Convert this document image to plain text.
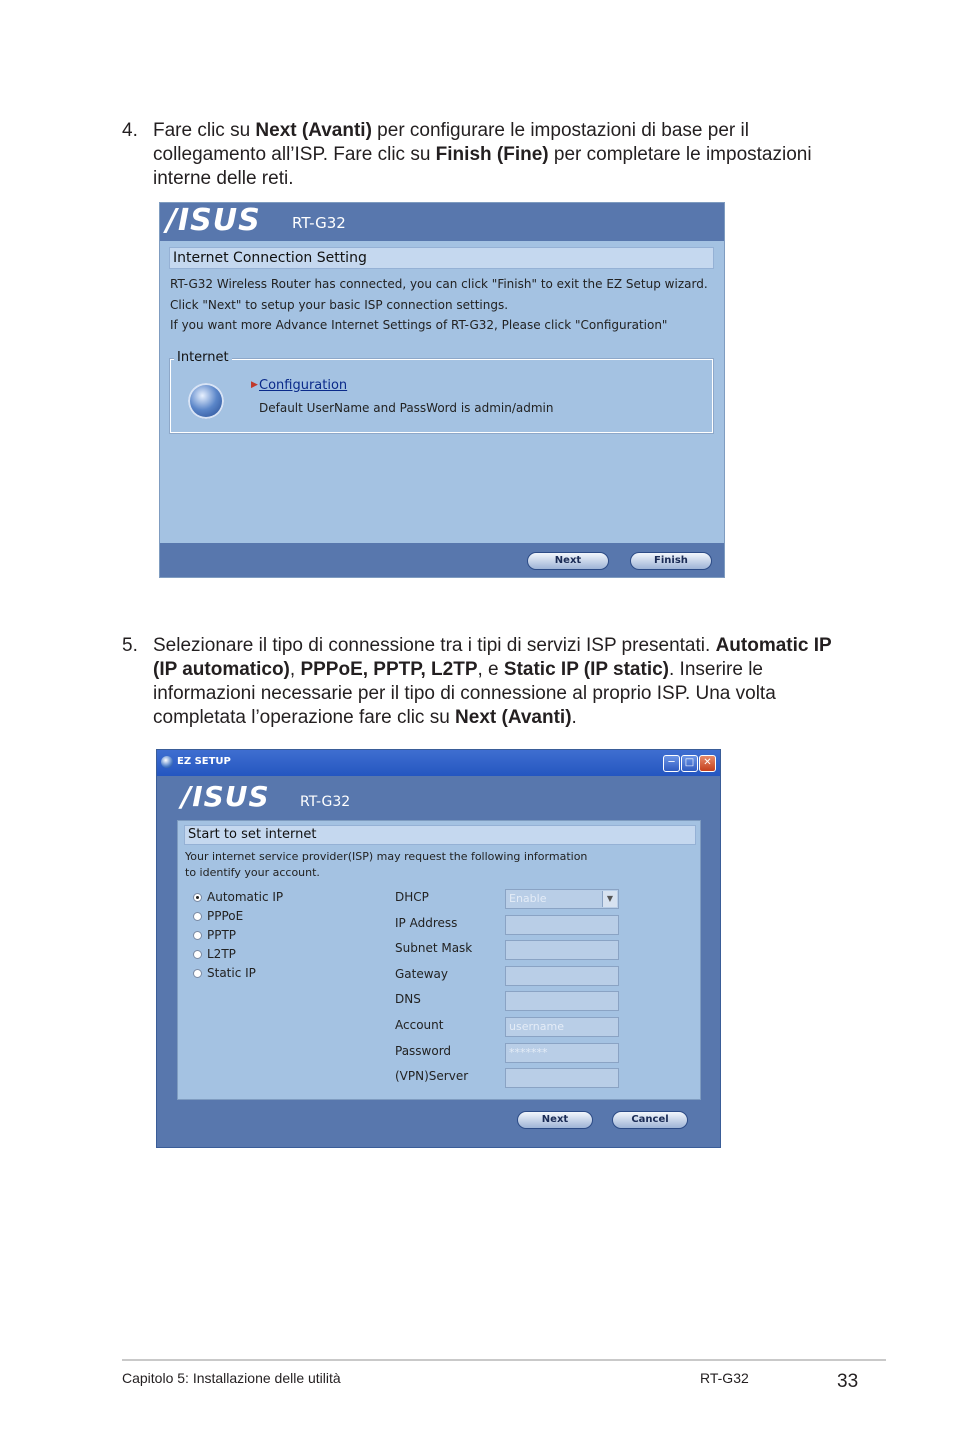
4. Fare clic su Next (Avanti) per configurare le impostazioni di base per il collegamento all’ISP. Fare clic su Finish (Fine) per completare le impostazioni interne delle reti.
/ISUS RT-G32
Internet Connection Setting
RT-G32 Wireless Router has connected, you can click "Finish" to exit the EZ Setup wizard.
Click "Next" to setup your basic ISP connection settings.
If you want more Advance Internet Settings of RT-G32, Please click "Configuration"
Internet
▶ Configuration
Default UserName and PassWord is admin/admin
Next	Finish
5. Selezionare il tipo di connessione tra i tipi di servizi ISP presentati. Automatic IP (IP automatico), PPPoE, PPTP, L2TP, e Static IP (IP static). Inserire le informazioni necessarie per il tipo di connessione al proprio ISP. Una volta completata l’operazione fare clic su Next (Avanti).
EZ SETUP	─	□ ✕
/ISUS RT-G32
Start to set internet
Your internet service provider(ISP) may request the following information
to identify your account.
Automatic IP
PPPoE
PPTP
L2TP
Static IP
DHCP	Enable	▼
IP Address
Subnet Mask
Gateway
DNS
Account	username
Password	*******
(VPN)Server
Next	Cancel
Capitolo 5: Installazione delle utilità	RT-G32	33
